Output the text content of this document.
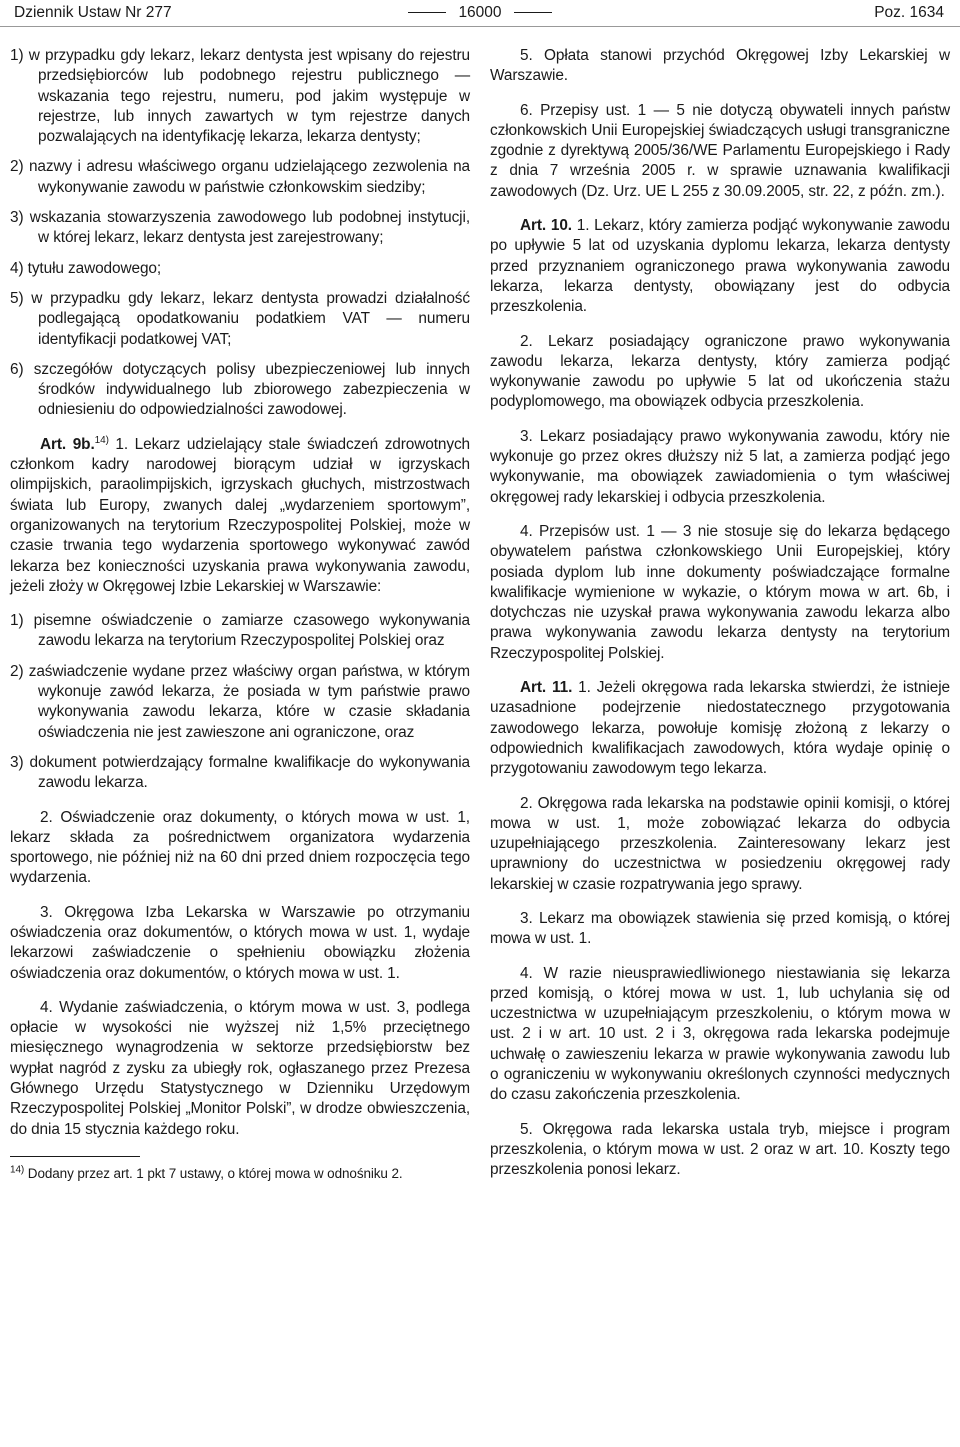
Dziennik Ustaw Nr 277	16000	Poz. 1634

1) w przypadku gdy lekarz, lekarz dentysta jest wpisany do rejestru przedsiębiorców lub podobnego rejestru publicznego — wskazania tego rejestru, numeru, pod jakim występuje w rejestrze, lub innych zawartych w tym rejestrze danych pozwalających na identyfikację lekarza, lekarza dentysty;

2) nazwy i adresu właściwego organu udzielającego zezwolenia na wykonywanie zawodu w państwie członkowskim siedziby;

3) wskazania stowarzyszenia zawodowego lub podobnej instytucji, w której lekarz, lekarz dentysta jest zarejestrowany;

4) tytułu zawodowego;

5) w przypadku gdy lekarz, lekarz dentysta prowadzi działalność podlegającą opodatkowaniu podatkiem VAT — numeru identyfikacji podatkowej VAT;

6) szczegółów dotyczących polisy ubezpieczeniowej lub innych środków indywidualnego lub zbiorowego zabezpieczenia w odniesieniu do odpowiedzialności zawodowej.

Art. 9b.$^{14)}$ 1. Lekarz udzielający stale świadczeń zdrowotnych członkom kadry narodowej biorącym udział w igrzyskach olimpijskich, paraolimpijskich, igrzyskach głuchych, mistrzostwach świata lub Europy, zwanych dalej „wydarzeniem sportowym”, organizowanych na terytorium Rzeczypospolitej Polskiej, może w czasie trwania tego wydarzenia sportowego wykonywać zawód lekarza bez konieczności uzyskania prawa wykonywania zawodu, jeżeli złoży w Okręgowej Izbie Lekarskiej w Warszawie:

1) pisemne oświadczenie o zamiarze czasowego wykonywania zawodu lekarza na terytorium Rzeczypospolitej Polskiej oraz

2) zaświadczenie wydane przez właściwy organ państwa, w którym wykonuje zawód lekarza, że posiada w tym państwie prawo wykonywania zawodu lekarza, które w czasie składania oświadczenia nie jest zawieszone ani ograniczone, oraz

3) dokument potwierdzający formalne kwalifikacje do wykonywania zawodu lekarza.

2. Oświadczenie oraz dokumenty, o których mowa w ust. 1, lekarz składa za pośrednictwem organizatora wydarzenia sportowego, nie później niż na 60 dni przed dniem rozpoczęcia tego wydarzenia.

3. Okręgowa Izba Lekarska w Warszawie po otrzymaniu oświadczenia oraz dokumentów, o których mowa w ust. 1, wydaje lekarzowi zaświadczenie o spełnieniu obowiązku złożenia oświadczenia oraz dokumentów, o których mowa w ust. 1.

4. Wydanie zaświadczenia, o którym mowa w ust. 3, podlega opłacie w wysokości nie wyższej niż 1,5% przeciętnego miesięcznego wynagrodzenia w sektorze przedsiębiorstw bez wypłat nagród z zysku za ubiegły rok, ogłaszanego przez Prezesa Głównego Urzędu Statystycznego w Dzienniku Urzędowym Rzeczypospolitej Polskiej „Monitor Polski”, w drodze obwieszczenia, do dnia 15 stycznia każdego roku.

$^{14)}$ Dodany przez art. 1 pkt 7 ustawy, o której mowa w odnośniku 2.

5. Opłata stanowi przychód Okręgowej Izby Lekarskiej w Warszawie.

6. Przepisy ust. 1 — 5 nie dotyczą obywateli innych państw członkowskich Unii Europejskiej świadczących usługi transgraniczne zgodnie z dyrektywą 2005/36/WE Parlamentu Europejskiego i Rady z dnia 7 września 2005 r. w sprawie uznawania kwalifikacji zawodowych (Dz. Urz. UE L 255 z 30.09.2005, str. 22, z późn. zm.).

Art. 10. 1. Lekarz, który zamierza podjąć wykonywanie zawodu po upływie 5 lat od uzyskania dyplomu lekarza, lekarza dentysty przed przyznaniem ograniczonego prawa wykonywania zawodu lekarza, lekarza dentysty, obowiązany jest do odbycia przeszkolenia.

2. Lekarz posiadający ograniczone prawo wykonywania zawodu lekarza, lekarza dentysty, który zamierza podjąć wykonywanie zawodu po upływie 5 lat od ukończenia stażu podyplomowego, ma obowiązek odbycia przeszkolenia.

3. Lekarz posiadający prawo wykonywania zawodu, który nie wykonuje go przez okres dłuższy niż 5 lat, a zamierza podjąć jego wykonywanie, ma obowiązek zawiadomienia o tym właściwej okręgowej rady lekarskiej i odbycia przeszkolenia.

4. Przepisów ust. 1 — 3 nie stosuje się do lekarza będącego obywatelem państwa członkowskiego Unii Europejskiej, który posiada dyplom lub inne dokumenty poświadczające formalne kwalifikacje wymienione w wykazie, o którym mowa w art. 6b, i dotychczas nie uzyskał prawa wykonywania zawodu lekarza albo prawa wykonywania zawodu lekarza dentysty na terytorium Rzeczypospolitej Polskiej.

Art. 11. 1. Jeżeli okręgowa rada lekarska stwierdzi, że istnieje uzasadnione podejrzenie niedostatecznego przygotowania zawodowego lekarza, powołuje komisję złożoną z lekarzy o odpowiednich kwalifikacjach zawodowych, która wydaje opinię o przygotowaniu zawodowym tego lekarza.

2. Okręgowa rada lekarska na podstawie opinii komisji, o której mowa w ust. 1, może zobowiązać lekarza do odbycia uzupełniającego przeszkolenia. Zainteresowany lekarz jest uprawniony do uczestnictwa w posiedzeniu okręgowej rady lekarskiej w czasie rozpatrywania jego sprawy.

3. Lekarz ma obowiązek stawienia się przed komisją, o której mowa w ust. 1.

4. W razie nieusprawiedliwionego niestawiania się lekarza przed komisją, o której mowa w ust. 1, lub uchylania się od uczestnictwa w uzupełniającym przeszkoleniu, o którym mowa w ust. 2 i w art. 10 ust. 2 i 3, okręgowa rada lekarska podejmuje uchwałę o zawieszeniu lekarza w prawie wykonywania zawodu lub o ograniczeniu w wykonywaniu określonych czynności medycznych do czasu zakończenia przeszkolenia.

5. Okręgowa rada lekarska ustala tryb, miejsce i program przeszkolenia, o którym mowa w ust. 2 oraz w art. 10. Koszty tego przeszkolenia ponosi lekarz.
